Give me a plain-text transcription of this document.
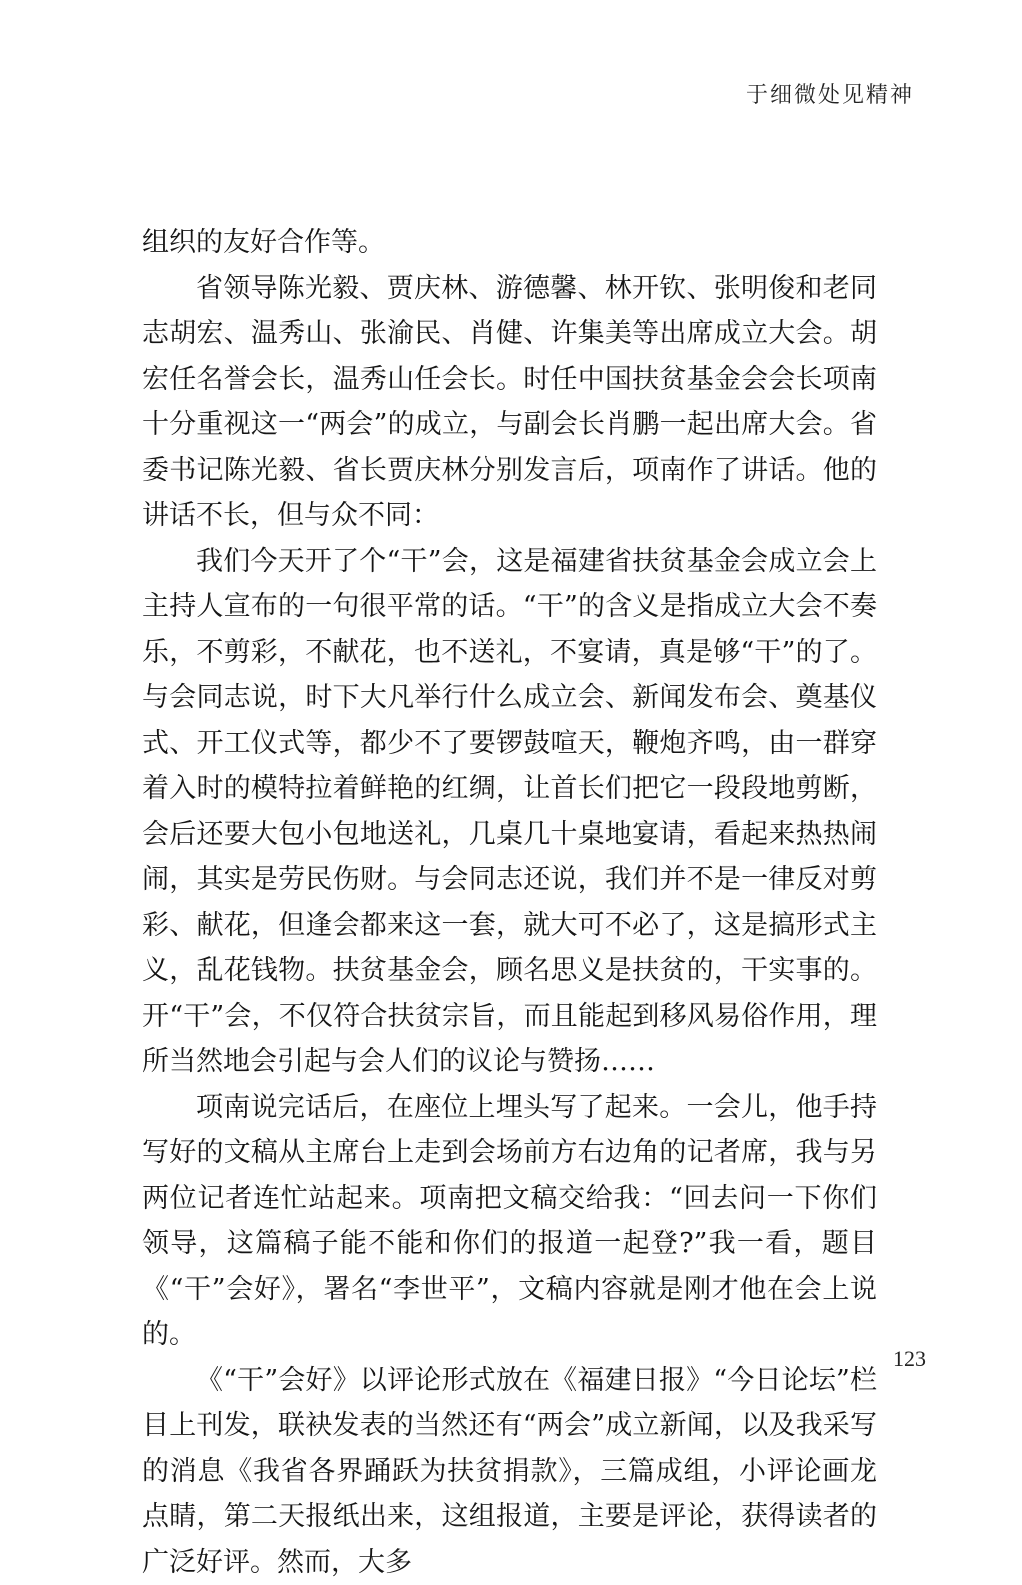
于细微处见精神

组织的友好合作等。

省领导陈光毅、贾庆林、游德馨、林开钦、张明俊和老同志胡宏、温秀山、张渝民、肖健、许集美等出席成立大会。胡宏任名誉会长，温秀山任会长。时任中国扶贫基金会会长项南十分重视这一“两会”的成立，与副会长肖鹏一起出席大会。省委书记陈光毅、省长贾庆林分别发言后，项南作了讲话。他的讲话不长，但与众不同：

我们今天开了个“干”会，这是福建省扶贫基金会成立会上主持人宣布的一句很平常的话。“干”的含义是指成立大会不奏乐，不剪彩，不献花，也不送礼，不宴请，真是够“干”的了。与会同志说，时下大凡举行什么成立会、新闻发布会、奠基仪式、开工仪式等，都少不了要锣鼓喧天，鞭炮齐鸣，由一群穿着入时的模特拉着鲜艳的红绸，让首长们把它一段段地剪断，会后还要大包小包地送礼，几桌几十桌地宴请，看起来热热闹闹，其实是劳民伤财。与会同志还说，我们并不是一律反对剪彩、献花，但逢会都来这一套，就大可不必了，这是搞形式主义，乱花钱物。扶贫基金会，顾名思义是扶贫的，干实事的。开“干”会，不仅符合扶贫宗旨，而且能起到移风易俗作用，理所当然地会引起与会人们的议论与赞扬……

项南说完话后，在座位上埋头写了起来。一会儿，他手持写好的文稿从主席台上走到会场前方右边角的记者席，我与另两位记者连忙站起来。项南把文稿交给我：“回去问一下你们领导，这篇稿子能不能和你们的报道一起登?”我一看，题目《“干”会好》，署名“李世平”，文稿内容就是刚才他在会上说的。

《“干”会好》以评论形式放在《福建日报》“今日论坛”栏目上刊发，联袂发表的当然还有“两会”成立新闻，以及我采写的消息《我省各界踊跃为扶贫捐款》，三篇成组，小评论画龙点睛，第二天报纸出来，这组报道，主要是评论，获得读者的广泛好评。然而，大多

123
